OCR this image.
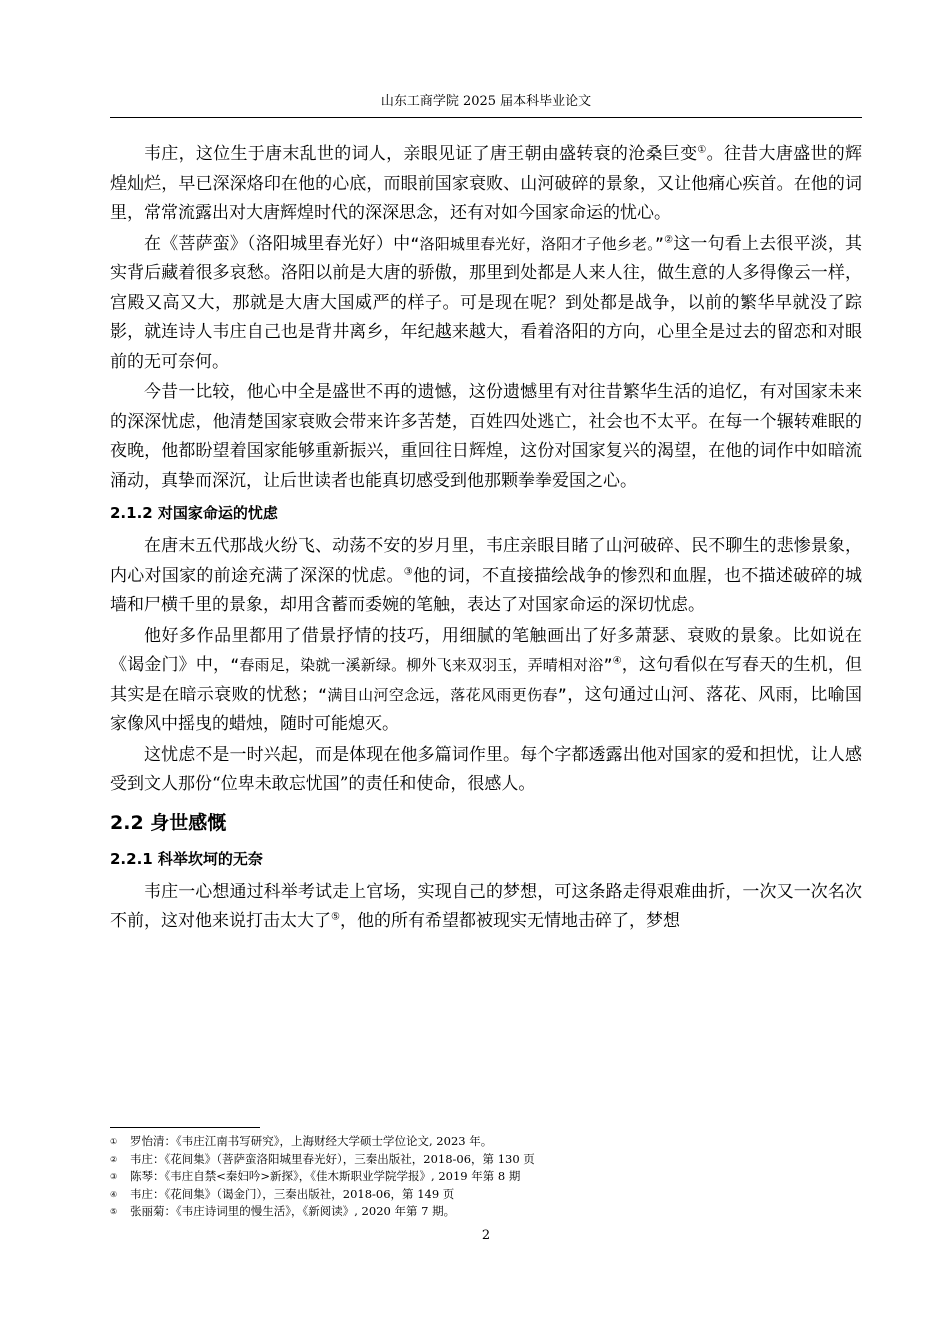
山东工商学院 2025 届本科毕业论文

韦庄，这位生于唐末乱世的词人，亲眼见证了唐王朝由盛转衰的沧桑巨变①。往昔大唐盛世的辉煌灿烂，早已深深烙印在他的心底，而眼前国家衰败、山河破碎的景象，又让他痛心疾首。在他的词里，常常流露出对大唐辉煌时代的深深思念，还有对如今国家命运的忧心。

在《菩萨蛮》（洛阳城里春光好）中“洛阳城里春光好，洛阳才子他乡老。”②这一句看上去很平淡，其实背后藏着很多哀愁。洛阳以前是大唐的骄傲，那里到处都是人来人往，做生意的人多得像云一样，宫殿又高又大，那就是大唐大国威严的样子。可是现在呢？到处都是战争，以前的繁华早就没了踪影，就连诗人韦庄自己也是背井离乡，年纪越来越大，看着洛阳的方向，心里全是过去的留恋和对眼前的无可奈何。

今昔一比较，他心中全是盛世不再的遗憾，这份遗憾里有对往昔繁华生活的追忆，有对国家未来的深深忧虑，他清楚国家衰败会带来许多苦楚，百姓四处逃亡，社会也不太平。在每一个辗转难眠的夜晚，他都盼望着国家能够重新振兴，重回往日辉煌，这份对国家复兴的渴望，在他的词作中如暗流涌动，真挚而深沉，让后世读者也能真切感受到他那颗拳拳爱国之心。

2.1.2 对国家命运的忧虑

在唐末五代那战火纷飞、动荡不安的岁月里，韦庄亲眼目睹了山河破碎、民不聊生的悲惨景象，内心对国家的前途充满了深深的忧虑。③他的词，不直接描绘战争的惨烈和血腥，也不描述破碎的城墙和尸横千里的景象，却用含蓄而委婉的笔触，表达了对国家命运的深切忧虑。

他好多作品里都用了借景抒情的技巧，用细腻的笔触画出了好多萧瑟、衰败的景象。比如说在《谒金门》中，“春雨足，染就一溪新绿。柳外飞来双羽玉，弄晴相对浴”④，这句看似在写春天的生机，但其实是在暗示衰败的忧愁；“满目山河空念远，落花风雨更伤春”，这句通过山河、落花、风雨，比喻国家像风中摇曳的蜡烛，随时可能熄灭。

这忧虑不是一时兴起，而是体现在他多篇词作里。每个字都透露出他对国家的爱和担忧，让人感受到文人那份“位卑未敢忘忧国”的责任和使命，很感人。

2.2 身世感慨
2.2.1 科举坎坷的无奈

韦庄一心想通过科举考试走上官场，实现自己的梦想，可这条路走得艰难曲折，一次又一次名次不前，这对他来说打击太大了⑤，他的所有希望都被现实无情地击碎了，梦想

① 罗怡清：《韦庄江南书写研究》，上海财经大学硕士学位论文, 2023 年。
② 韦庄：《花间集》（菩萨蛮洛阳城里春光好），三秦出版社，2018-06，第 130 页
③ 陈琴：《韦庄自禁<秦妇吟>新探》，《佳木斯职业学院学报》, 2019 年第 8 期
④ 韦庄：《花间集》（谒金门），三秦出版社，2018-06，第 149 页
⑤ 张丽菊：《韦庄诗词里的慢生活》，《新阅读》, 2020 年第 7 期。
2
